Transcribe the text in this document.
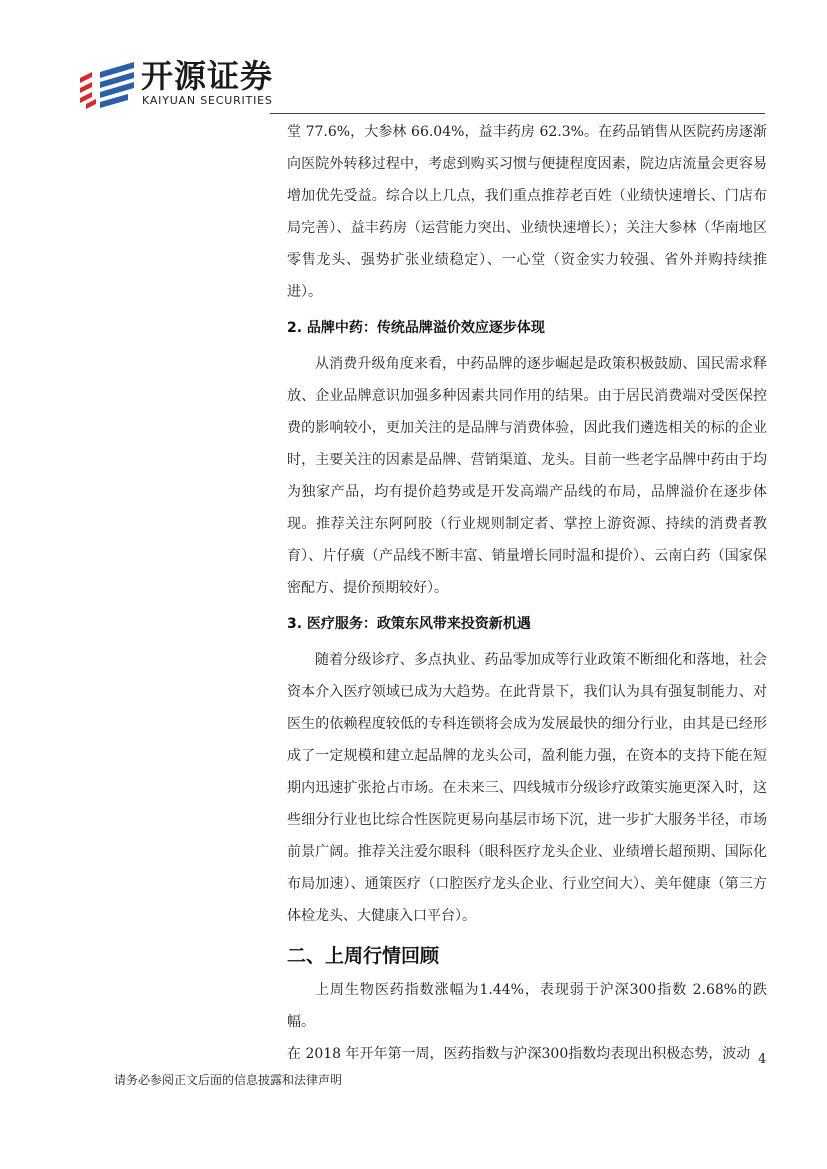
开源证券
KAIYUAN SECURITIES

堂 77.6%，大参林 66.04%，益丰药房 62.3%。在药品销售从医院药房逐渐向医院外转移过程中，考虑到购买习惯与便捷程度因素，院边店流量会更容易增加优先受益。综合以上几点，我们重点推荐老百姓（业绩快速增长、门店布局完善）、益丰药房（运营能力突出、业绩快速增长）；关注大参林（华南地区零售龙头、强势扩张业绩稳定）、一心堂（资金实力较强、省外并购持续推进）。

2. 品牌中药：传统品牌溢价效应逐步体现

从消费升级角度来看，中药品牌的逐步崛起是政策积极鼓励、国民需求释放、企业品牌意识加强多种因素共同作用的结果。由于居民消费端对受医保控费的影响较小，更加关注的是品牌与消费体验，因此我们遴选相关的标的企业时，主要关注的因素是品牌、营销渠道、龙头。目前一些老字品牌中药由于均为独家产品，均有提价趋势或是开发高端产品线的布局，品牌溢价在逐步体现。推荐关注东阿阿胶（行业规则制定者、掌控上游资源、持续的消费者教育）、片仔癀（产品线不断丰富、销量增长同时温和提价）、云南白药（国家保密配方、提价预期较好）。

3. 医疗服务：政策东风带来投资新机遇

随着分级诊疗、多点执业、药品零加成等行业政策不断细化和落地，社会资本介入医疗领域已成为大趋势。在此背景下，我们认为具有强复制能力、对医生的依赖程度较低的专科连锁将会成为发展最快的细分行业，由其是已经形成了一定规模和建立起品牌的龙头公司，盈利能力强，在资本的支持下能在短期内迅速扩张抢占市场。在未来三、四线城市分级诊疗政策实施更深入时，这些细分行业也比综合性医院更易向基层市场下沉，进一步扩大服务半径，市场前景广阔。推荐关注爱尔眼科（眼科医疗龙头企业、业绩增长超预期、国际化布局加速）、通策医疗（口腔医疗龙头企业、行业空间大）、美年健康（第三方体检龙头、大健康入口平台）。

二、上周行情回顾

上周生物医药指数涨幅为1.44%，表现弱于沪深300指数 2.68%的跌幅。

在 2018 年开年第一周，医药指数与沪深300指数均表现出积极态势，波动 4
请务必参阅正文后面的信息披露和法律声明
